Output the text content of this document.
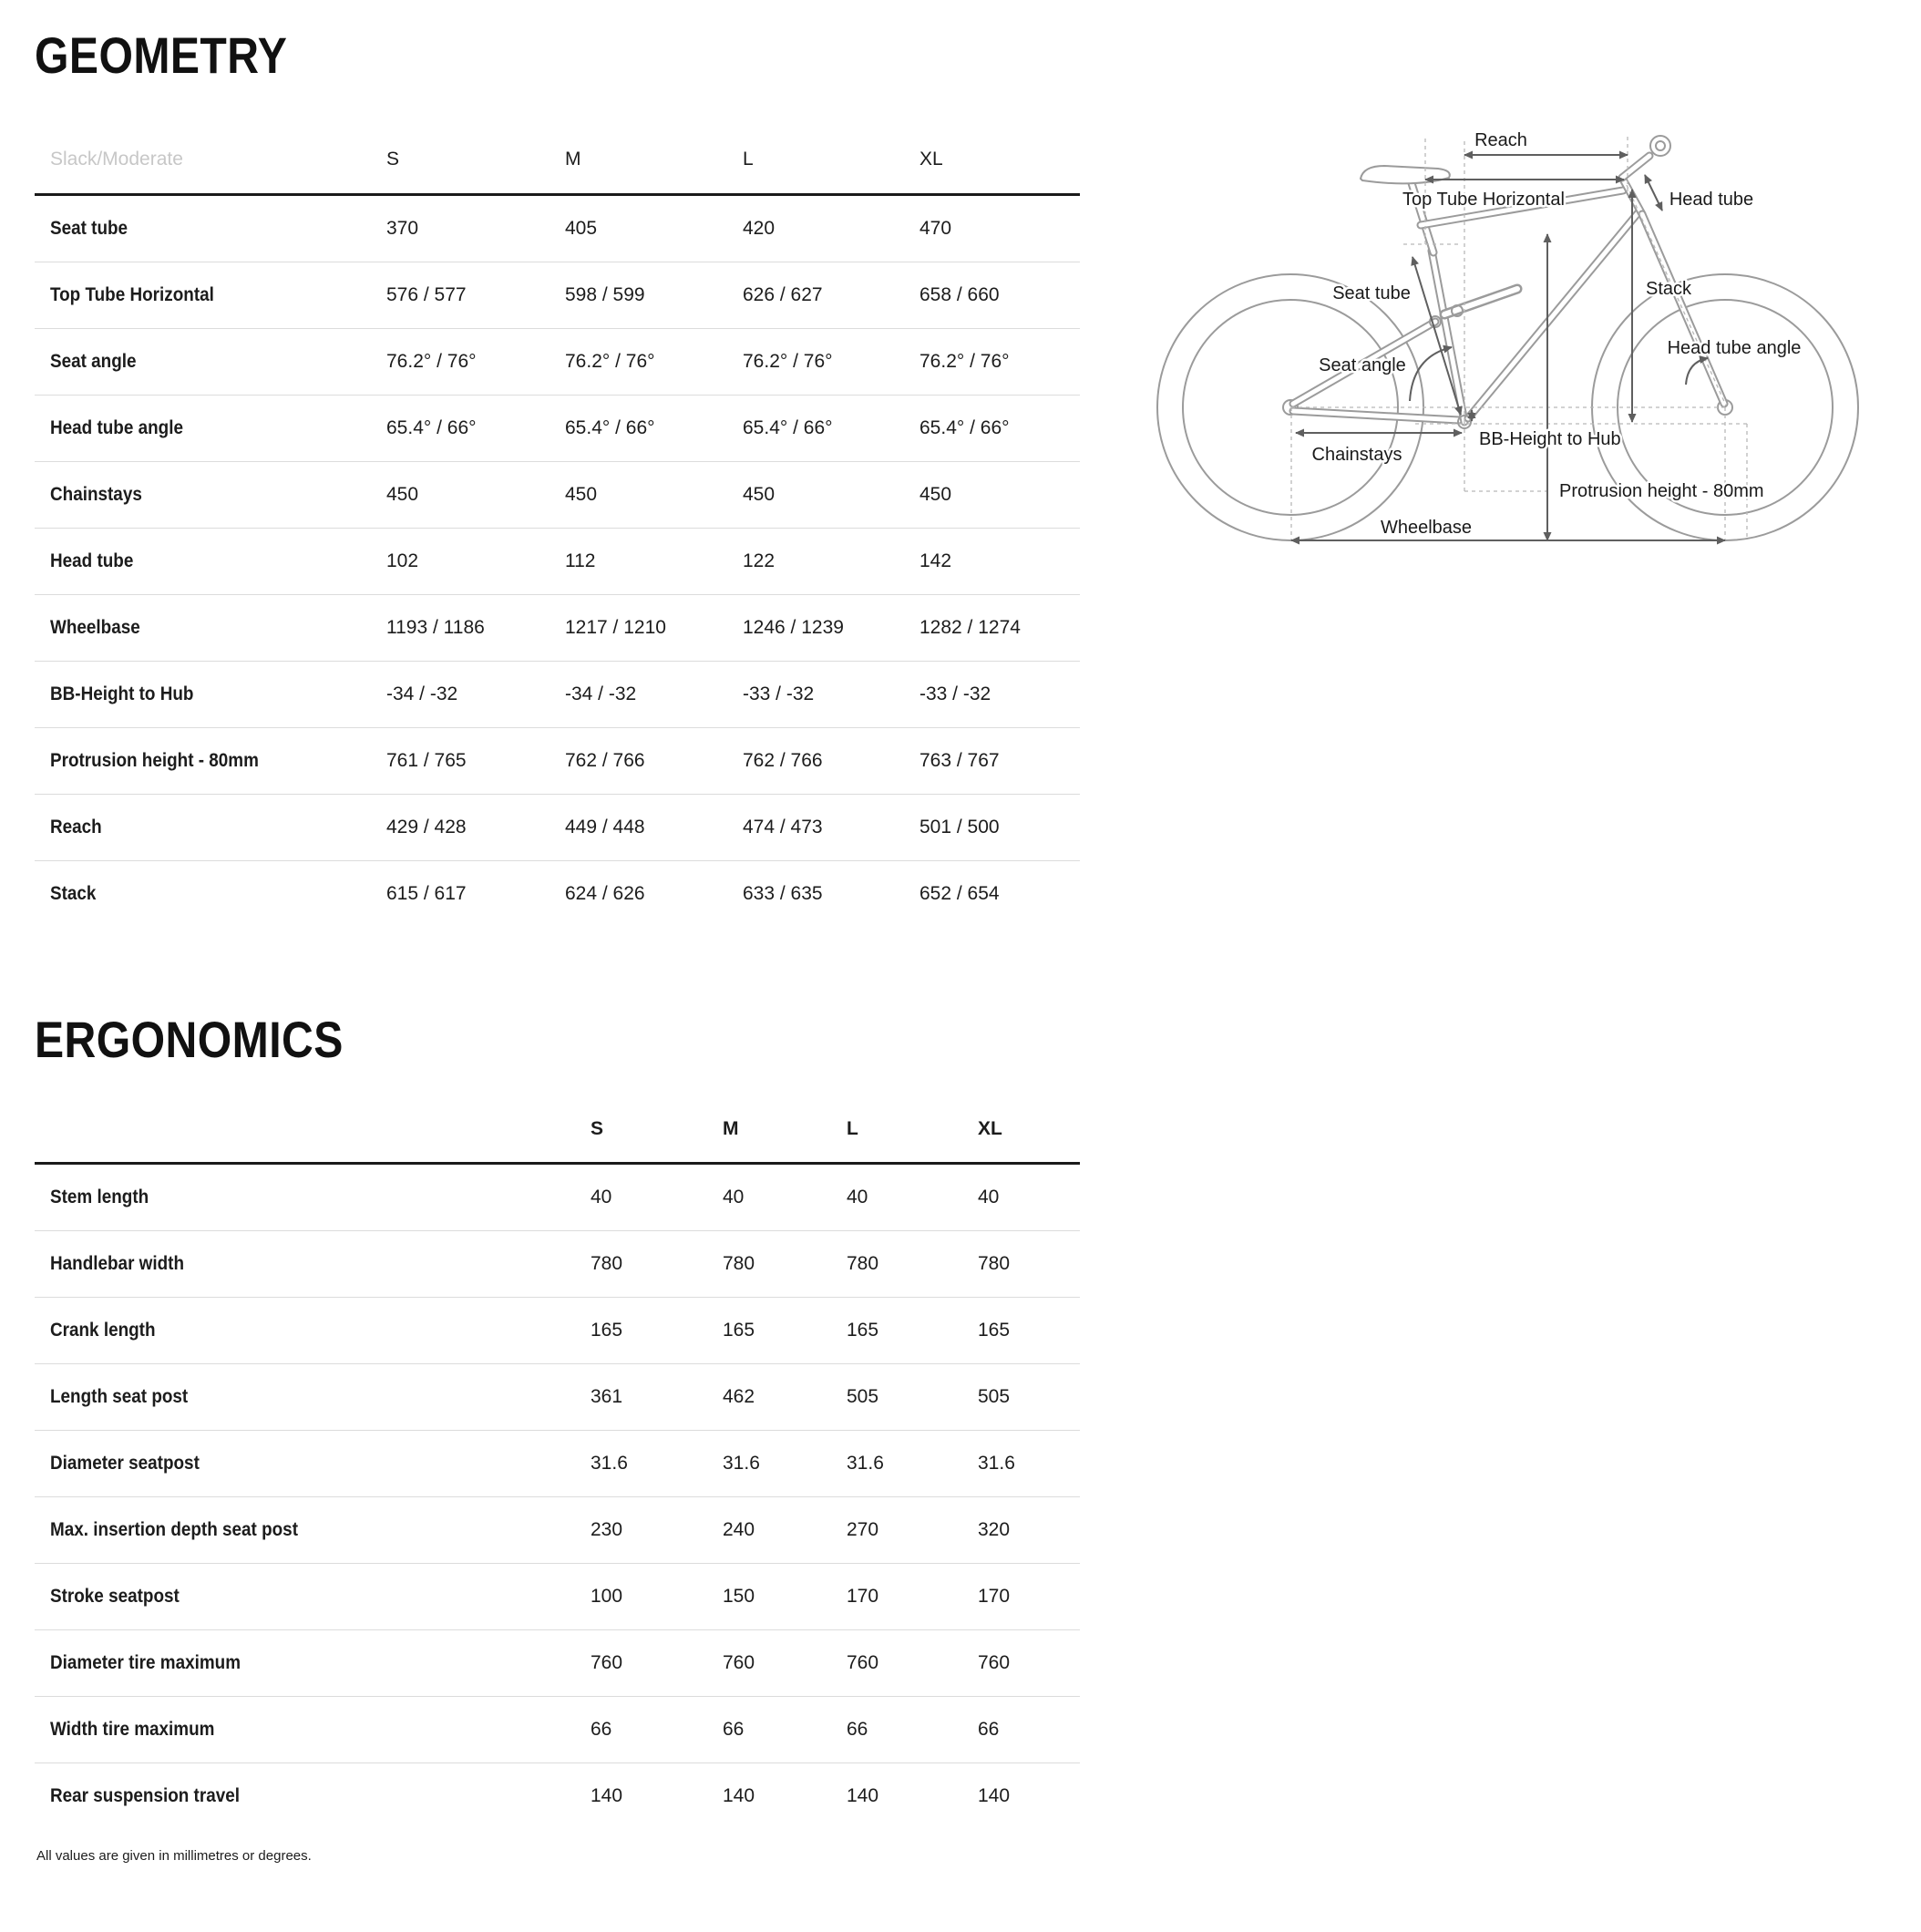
GEOMETRY
Slack/Moderate	S	M	L	XL
Seat tube	370	405	420	470
Top Tube Horizontal	576 / 577	598 / 599	626 / 627	658 / 660
Seat angle	76.2° / 76°	76.2° / 76°	76.2° / 76°	76.2° / 76°
Head tube angle	65.4° / 66°	65.4° / 66°	65.4° / 66°	65.4° / 66°
Chainstays	450	450	450	450
Head tube	102	112	122	142
Wheelbase	1193 / 1186	1217 / 1210	1246 / 1239	1282 / 1274
BB-Height to Hub	-34 / -32	-34 / -32	-33 / -32	-33 / -32
Protrusion height - 80mm	761 / 765	762 / 766	762 / 766	763 / 767
Reach	429 / 428	449 / 448	474 / 473	501 / 500
Stack	615 / 617	624 / 626	633 / 635	652 / 654
ERGONOMICS
S	M	L	XL
Stem length	40	40	40	40
Handlebar width	780	780	780	780
Crank length	165	165	165	165
Length seat post	361	462	505	505
Diameter seatpost	31.6	31.6	31.6	31.6
Max. insertion depth seat post	230	240	270	320
Stroke seatpost	100	150	170	170
Diameter tire maximum	760	760	760	760
Width tire maximum	66	66	66	66
Rear suspension travel	140	140	140	140
All values are given in millimetres or degrees.
Reach
Top Tube Horizontal	Head tube
Seat tube	Stack
Seat angle
Head tube angle
Chainstays
BB-Height to Hub
Protrusion height - 80mm
Wheelbase
